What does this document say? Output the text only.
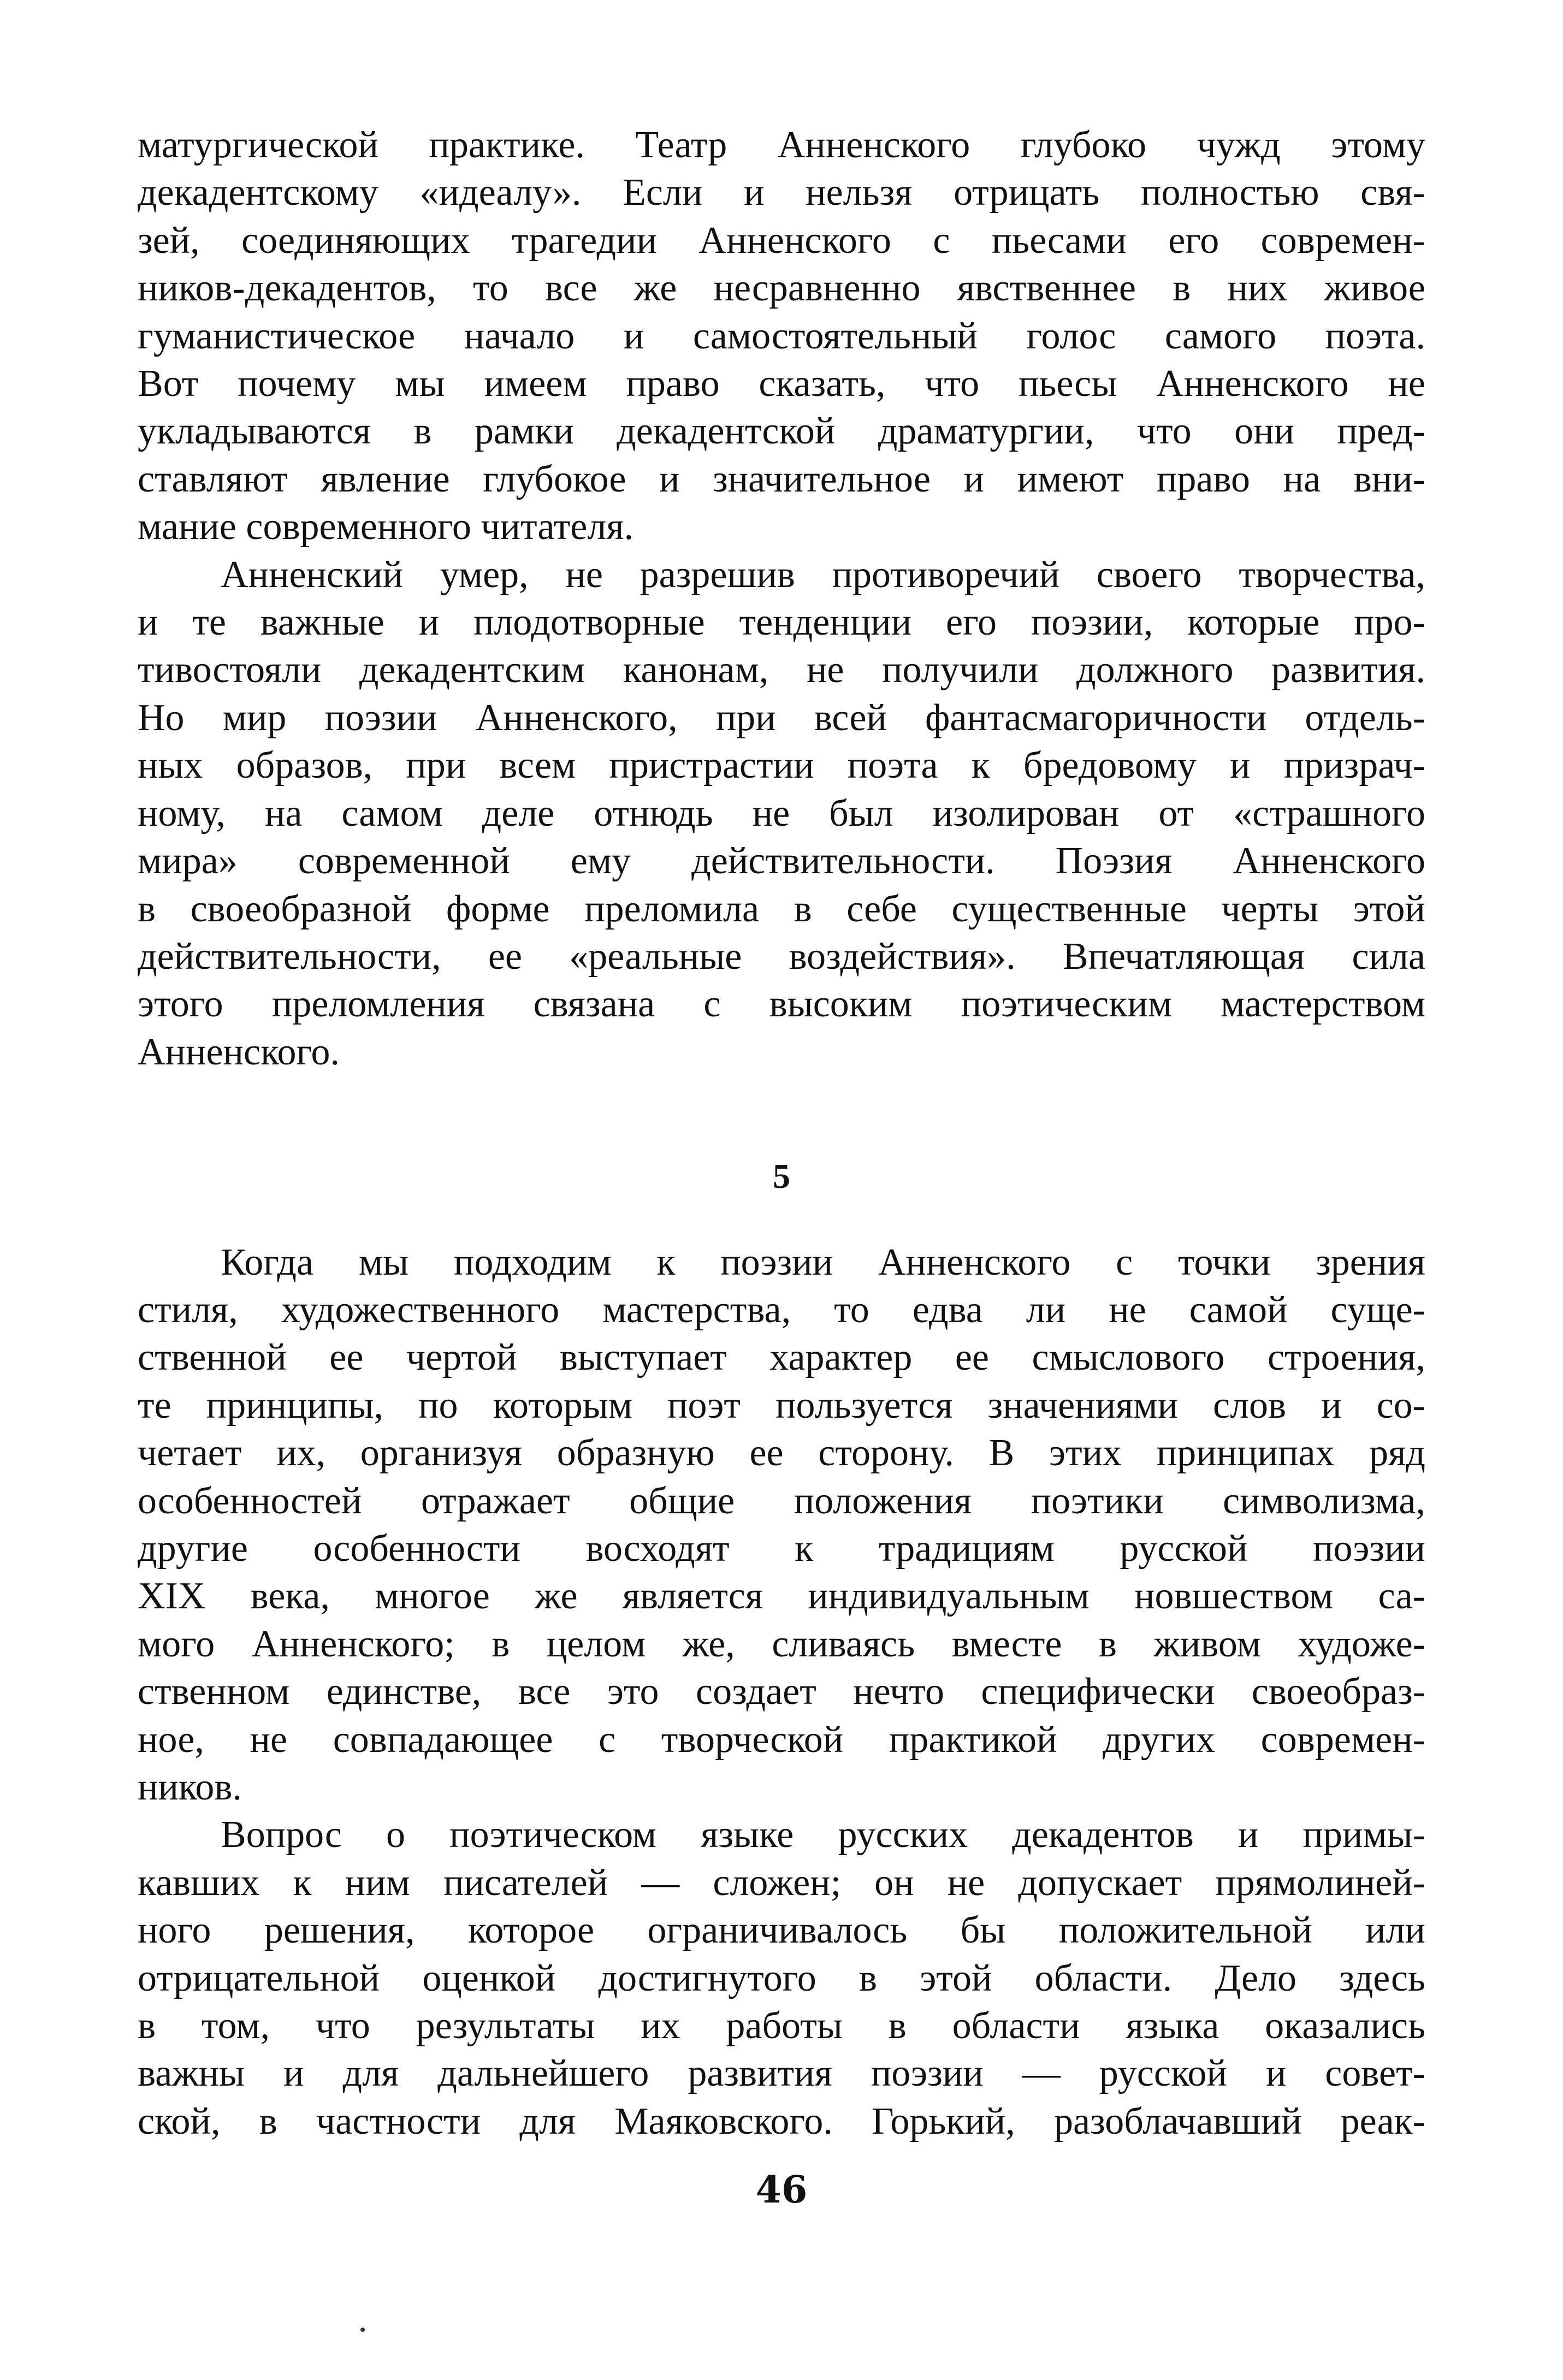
матургической практике. Театр Анненского глубоко чужд этому
декадентскому «идеалу». Если и нельзя отрицать полностью свя-
зей, соединяющих трагедии Анненского с пьесами его современ-
ников-декадентов, то все же несравненно явственнее в них живое
гуманистическое начало и самостоятельный голос самого поэта.
Вот почему мы имеем право сказать, что пьесы Анненского не
укладываются в рамки декадентской драматургии, что они пред-
ставляют явление глубокое и значительное и имеют право на вни-
мание современного читателя.

Анненский умер, не разрешив противоречий своего творчества,
и те важные и плодотворные тенденции его поэзии, которые про-
тивостояли декадентским канонам, не получили должного развития.
Но мир поэзии Анненского, при всей фантасмагоричности отдель-
ных образов, при всем пристрастии поэта к бредовому и призрач-
ному, на самом деле отнюдь не был изолирован от «страшного
мира» современной ему действительности. Поэзия Анненского
в своеобразной форме преломила в себе существенные черты этой
действительности, ее «реальные воздействия». Впечатляющая сила
этого преломления связана с высоким поэтическим мастерством
Анненского.

5

Когда мы подходим к поэзии Анненского с точки зрения
стиля, художественного мастерства, то едва ли не самой суще-
ственной ее чертой выступает характер ее смыслового строения,
те принципы, по которым поэт пользуется значениями слов и со-
четает их, организуя образную ее сторону. В этих принципах ряд
особенностей отражает общие положения поэтики символизма,
другие особенности восходят к традициям русской поэзии
XIX века, многое же является индивидуальным новшеством са-
мого Анненского; в целом же, сливаясь вместе в живом художе-
ственном единстве, все это создает нечто специфически своеобраз-
ное, не совпадающее с творческой практикой других современ-
ников.

Вопрос о поэтическом языке русских декадентов и примы-
кавших к ним писателей — сложен; он не допускает прямолиней-
ного решения, которое ограничивалось бы положительной или
отрицательной оценкой достигнутого в этой области. Дело здесь
в том, что результаты их работы в области языка оказались
важны и для дальнейшего развития поэзии — русской и совет-
ской, в частности для Маяковского. Горький, разоблачавший реак-

46
